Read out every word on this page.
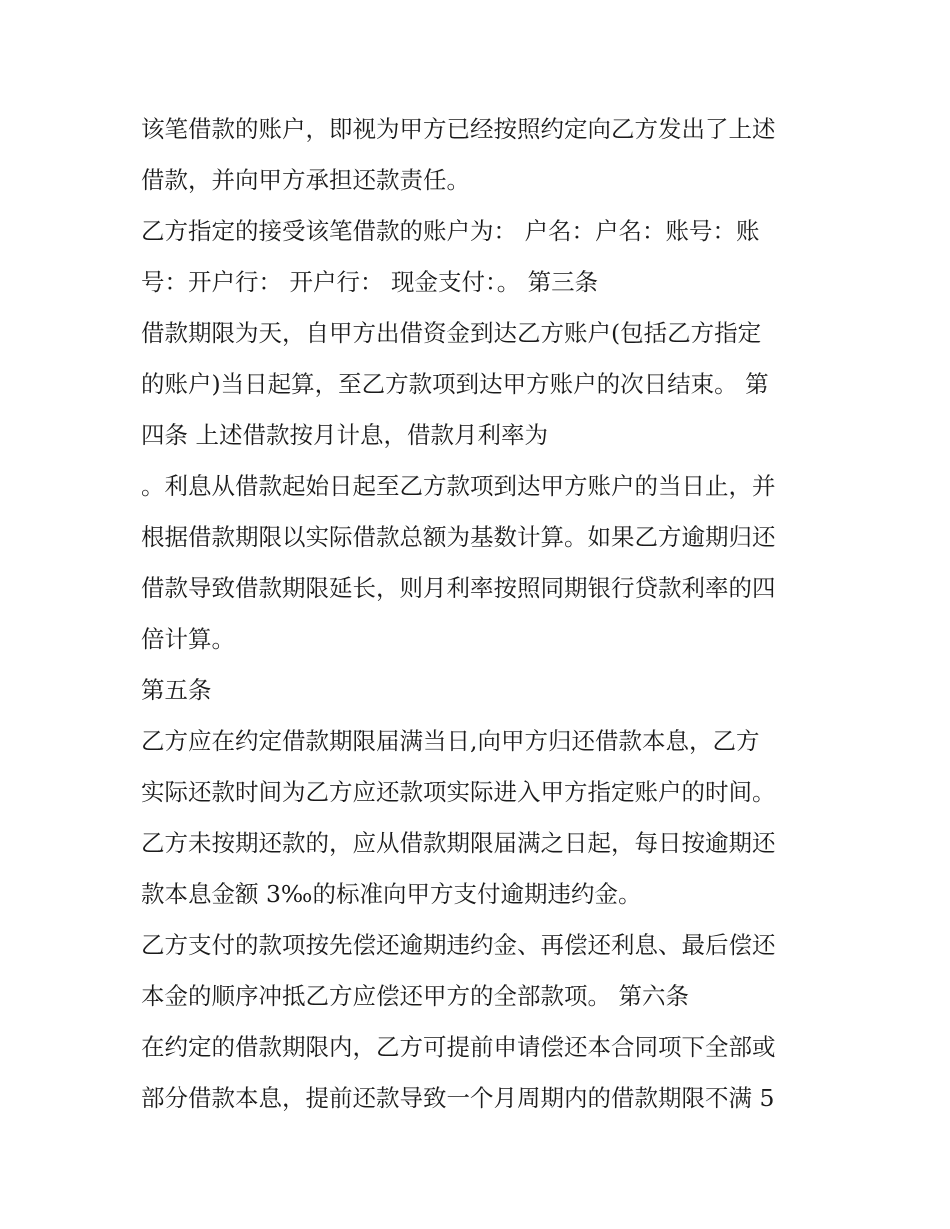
该笔借款的账户，即视为甲方已经按照约定向乙方发出了上述
借款，并向甲方承担还款责任。
乙方指定的接受该笔借款的账户为： 户名：户名：账号：账
号：开户行： 开户行： 现金支付：。 第三条
借款期限为天，自甲方出借资金到达乙方账户(包括乙方指定
的账户)当日起算，至乙方款项到达甲方账户的次日结束。 第
四条 上述借款按月计息，借款月利率为
。利息从借款起始日起至乙方款项到达甲方账户的当日止，并
根据借款期限以实际借款总额为基数计算。如果乙方逾期归还
借款导致借款期限延长，则月利率按照同期银行贷款利率的四
倍计算。
第五条
乙方应在约定借款期限届满当日,向甲方归还借款本息，乙方
实际还款时间为乙方应还款项实际进入甲方指定账户的时间。
乙方未按期还款的，应从借款期限届满之日起，每日按逾期还
款本息金额 3‰的标准向甲方支付逾期违约金。
乙方支付的款项按先偿还逾期违约金、再偿还利息、最后偿还
本金的顺序冲抵乙方应偿还甲方的全部款项。 第六条
在约定的借款期限内，乙方可提前申请偿还本合同项下全部或
部分借款本息，提前还款导致一个月周期内的借款期限不满 5
